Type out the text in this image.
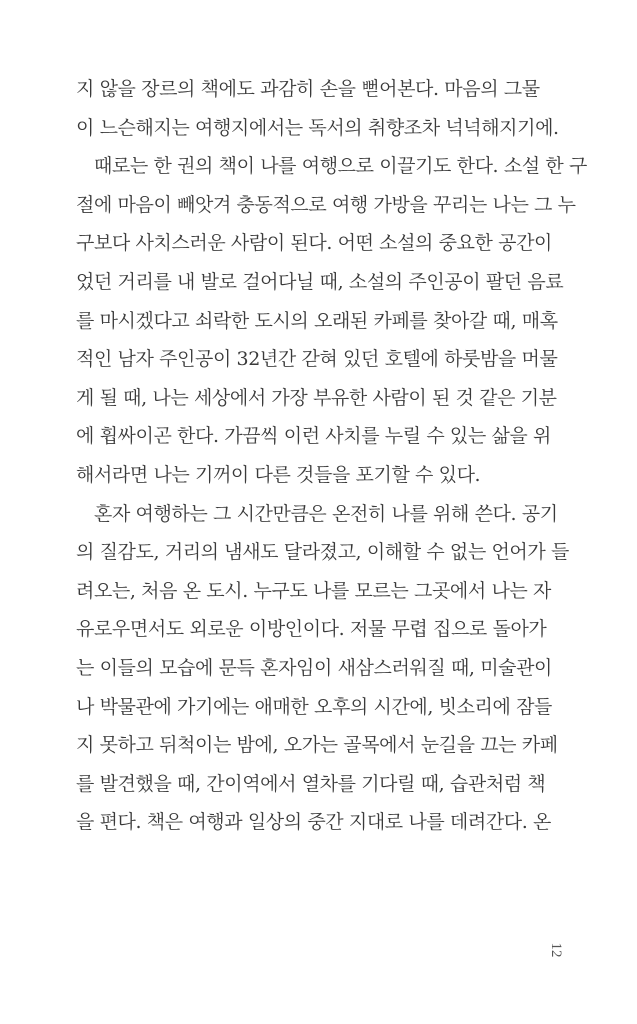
지 않을 장르의 책에도 과감히 손을 뻗어본다. 마음의 그물
이 느슨해지는 여행지에서는 독서의 취향조차 넉넉해지기에.
때로는 한 권의 책이 나를 여행으로 이끌기도 한다. 소설 한 구
절에 마음이 빼앗겨 충동적으로 여행 가방을 꾸리는 나는 그 누
구보다 사치스러운 사람이 된다. 어떤 소설의 중요한 공간이
었던 거리를 내 발로 걸어다닐 때, 소설의 주인공이 팔던 음료
를 마시겠다고 쇠락한 도시의 오래된 카페를 찾아갈 때, 매혹
적인 남자 주인공이 32년간 갇혀 있던 호텔에 하룻밤을 머물
게 될 때, 나는 세상에서 가장 부유한 사람이 된 것 같은 기분
에 휩싸이곤 한다. 가끔씩 이런 사치를 누릴 수 있는 삶을 위
해서라면 나는 기꺼이 다른 것들을 포기할 수 있다.
혼자 여행하는 그 시간만큼은 온전히 나를 위해 쓴다. 공기
의 질감도, 거리의 냄새도 달라졌고, 이해할 수 없는 언어가 들
려오는, 처음 온 도시. 누구도 나를 모르는 그곳에서 나는 자
유로우면서도 외로운 이방인이다. 저물 무렵 집으로 돌아가
는 이들의 모습에 문득 혼자임이 새삼스러워질 때, 미술관이
나 박물관에 가기에는 애매한 오후의 시간에, 빗소리에 잠들
지 못하고 뒤척이는 밤에, 오가는 골목에서 눈길을 끄는 카페
를 발견했을 때, 간이역에서 열차를 기다릴 때, 습관처럼 책
을 편다. 책은 여행과 일상의 중간 지대로 나를 데려간다. 온
12
